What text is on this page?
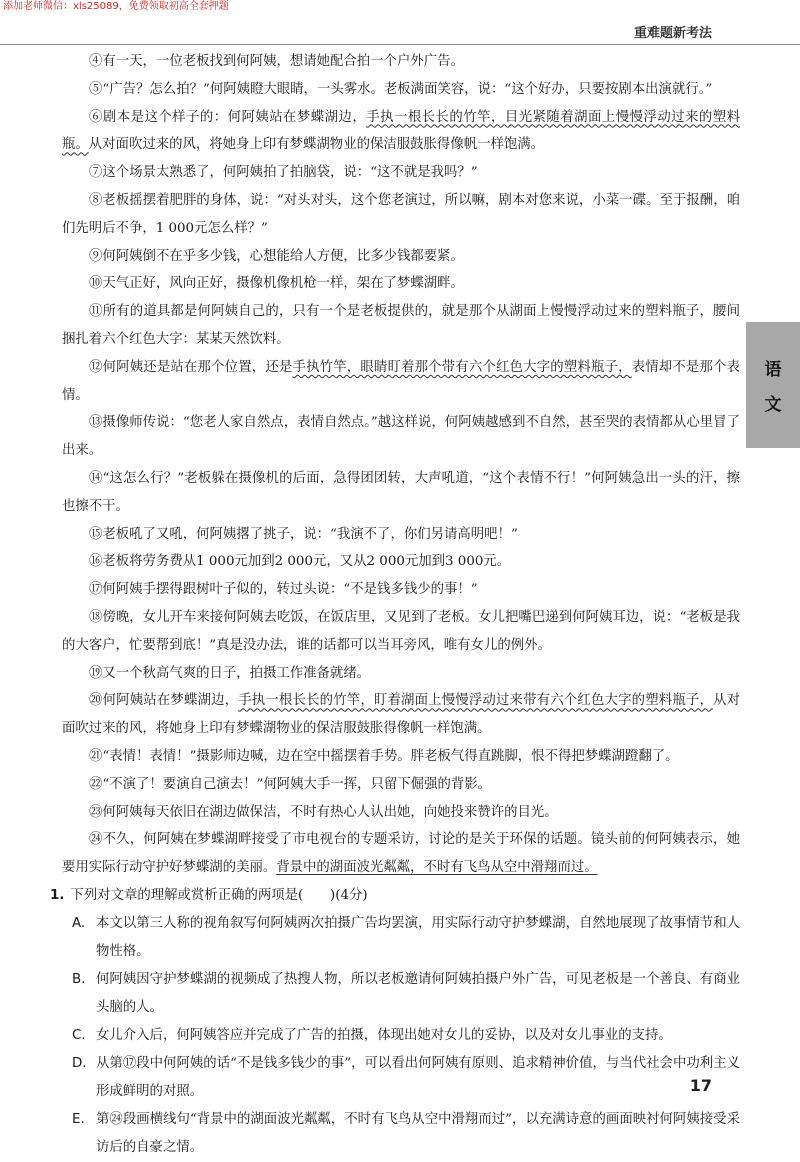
添加老师微信：xls25089，免费领取初高全套押题
重难题新考法
语
文

④有一天，一位老板找到何阿姨，想请她配合拍一个户外广告。

⑤“广告？怎么拍？”何阿姨瞪大眼睛，一头雾水。老板满面笑容，说：“这个好办，只要按剧本出演就行。”

⑥剧本是这个样子的：何阿姨站在梦蝶湖边，手执一根长长的竹竿，目光紧随着湖面上慢慢浮动过来的塑料瓶。从对面吹过来的风，将她身上印有梦蝶湖物业的保洁服鼓胀得像帆一样饱满。

⑦这个场景太熟悉了，何阿姨拍了拍脑袋，说：“这不就是我吗？”

⑧老板摇摆着肥胖的身体，说：“对头对头，这个您老演过，所以嘛，剧本对您来说，小菜一碟。至于报酬，咱们先明后不争，1 000元怎么样？”

⑨何阿姨倒不在乎多少钱，心想能给人方便，比多少钱都要紧。

⑩天气正好，风向正好，摄像机像机枪一样，架在了梦蝶湖畔。

⑪所有的道具都是何阿姨自己的，只有一个是老板提供的，就是那个从湖面上慢慢浮动过来的塑料瓶子，腰间捆扎着六个红色大字：某某天然饮料。

⑫何阿姨还是站在那个位置，还是手执竹竿，眼睛盯着那个带有六个红色大字的塑料瓶子，表情却不是那个表情。

⑬摄像师传说：“您老人家自然点，表情自然点。”越这样说，何阿姨越感到不自然，甚至哭的表情都从心里冒了出来。

⑭“这怎么行？”老板躲在摄像机的后面，急得团团转，大声吼道，“这个表情不行！”何阿姨急出一头的汗，擦也擦不干。

⑮老板吼了又吼，何阿姨撂了挑子，说：“我演不了，你们另请高明吧！”

⑯老板将劳务费从1 000元加到2 000元，又从2 000元加到3 000元。

⑰何阿姨手摆得跟树叶子似的，转过头说：“不是钱多钱少的事！”

⑱傍晚，女儿开车来接何阿姨去吃饭，在饭店里，又见到了老板。女儿把嘴巴递到何阿姨耳边，说：“老板是我的大客户，忙要帮到底！”真是没办法，谁的话都可以当耳旁风，唯有女儿的例外。

⑲又一个秋高气爽的日子，拍摄工作准备就绪。

⑳何阿姨站在梦蝶湖边，手执一根长长的竹竿，盯着湖面上慢慢浮动过来带有六个红色大字的塑料瓶子，从对面吹过来的风，将她身上印有梦蝶湖物业的保洁服鼓胀得像帆一样饱满。

㉑“表情！表情！”摄影师边喊，边在空中摇摆着手势。胖老板气得直跳脚，恨不得把梦蝶湖蹬翻了。

㉒“不演了！要演自己演去！”何阿姨大手一挥，只留下倔强的背影。

㉓何阿姨每天依旧在湖边做保洁，不时有热心人认出她，向她投来赞许的目光。

㉔不久，何阿姨在梦蝶湖畔接受了市电视台的专题采访，讨论的是关于环保的话题。镜头前的何阿姨表示，她要用实际行动守护好梦蝶湖的美丽。背景中的湖面波光粼粼，不时有飞鸟从空中滑翔而过。

1. 下列对文章的理解或赏析正确的两项是(　　)(4分)
A. 本文以第三人称的视角叙写何阿姨两次拍摄广告均罢演，用实际行动守护梦蝶湖，自然地展现了故事情节和人物性格。
B. 何阿姨因守护梦蝶湖的视频成了热搜人物，所以老板邀请何阿姨拍摄户外广告，可见老板是一个善良、有商业头脑的人。
C. 女儿介入后，何阿姨答应并完成了广告的拍摄，体现出她对女儿的妥协，以及对女儿事业的支持。
D. 从第⑰段中何阿姨的话“不是钱多钱少的事”，可以看出何阿姨有原则、追求精神价值，与当代社会中功利主义形成鲜明的对照。
E. 第㉔段画横线句“背景中的湖面波光粼粼，不时有飞鸟从空中滑翔而过”，以充满诗意的画面映衬何阿姨接受采访后的自豪之情。
17
